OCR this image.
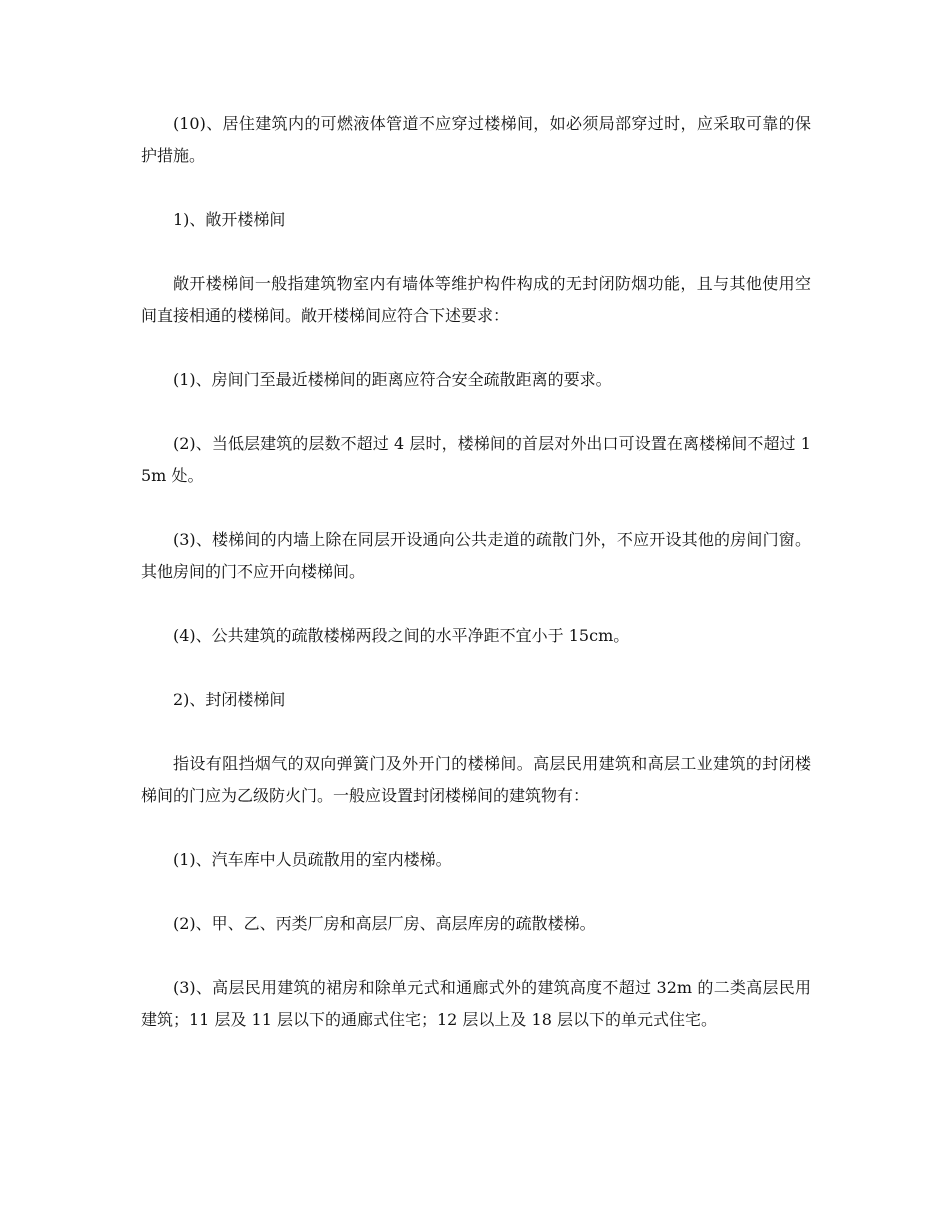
(10)、居住建筑内的可燃液体管道不应穿过楼梯间，如必须局部穿过时，应采取可靠的保护措施。

1)、敞开楼梯间

敞开楼梯间一般指建筑物室内有墙体等维护构件构成的无封闭防烟功能，且与其他使用空间直接相通的楼梯间。敞开楼梯间应符合下述要求：

(1)、房间门至最近楼梯间的距离应符合安全疏散距离的要求。

(2)、当低层建筑的层数不超过 4 层时，楼梯间的首层对外出口可设置在离楼梯间不超过 15m 处。

(3)、楼梯间的内墙上除在同层开设通向公共走道的疏散门外，不应开设其他的房间门窗。其他房间的门不应开向楼梯间。

(4)、公共建筑的疏散楼梯两段之间的水平净距不宜小于 15cm。

2)、封闭楼梯间

指设有阻挡烟气的双向弹簧门及外开门的楼梯间。高层民用建筑和高层工业建筑的封闭楼梯间的门应为乙级防火门。一般应设置封闭楼梯间的建筑物有：

(1)、汽车库中人员疏散用的室内楼梯。

(2)、甲、乙、丙类厂房和高层厂房、高层库房的疏散楼梯。

(3)、高层民用建筑的裙房和除单元式和通廊式外的建筑高度不超过 32m 的二类高层民用建筑；11 层及 11 层以下的通廊式住宅；12 层以上及 18 层以下的单元式住宅。
